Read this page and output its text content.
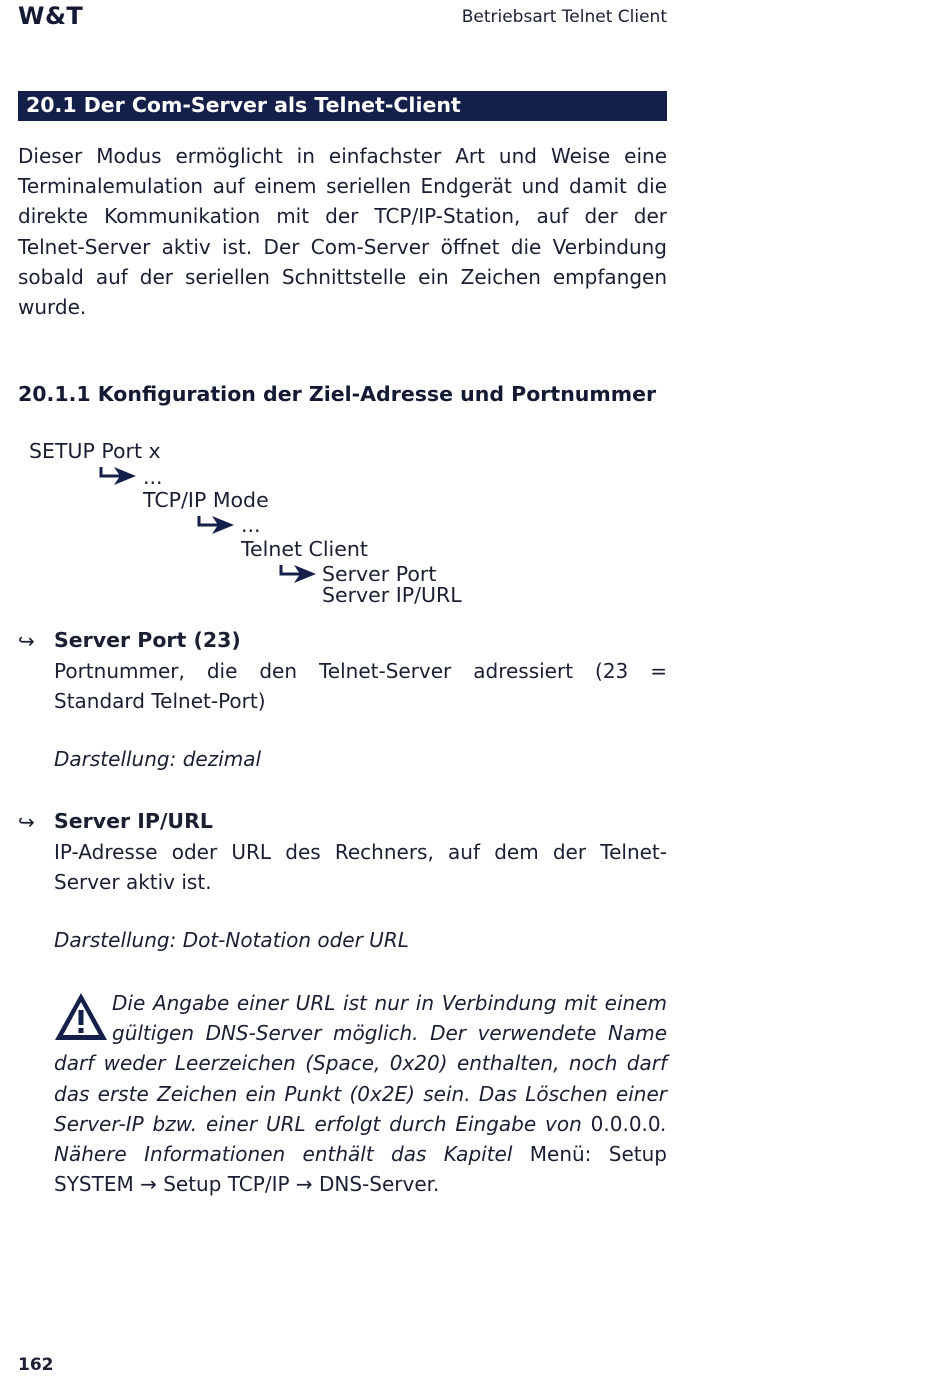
W&T	Betriebsart Telnet Client
20.1 Der Com-Server als Telnet-Client
Dieser Modus ermöglicht in einfachster Art und Weise eine Terminalemulation auf einem seriellen Endgerät und damit die direkte Kommunikation mit der TCP/IP-Station, auf der der Telnet-Server aktiv ist. Der Com-Server öffnet die Verbindung sobald auf der seriellen Schnittstelle ein Zeichen empfangen wurde.
20.1.1 Konfiguration der Ziel-Adresse und Portnummer
SETUP Port x
...
TCP/IP Mode
...
Telnet Client
Server Port
Server IP/URL
↪ Server Port (23)
Portnummer, die den Telnet-Server adressiert (23 = Standard Telnet-Port)
Darstellung: dezimal
↪ Server IP/URL
IP-Adresse oder URL des Rechners, auf dem der Telnet-Server aktiv ist.
Darstellung: Dot-Notation oder URL
Die Angabe einer URL ist nur in Verbindung mit einem gültigen DNS-Server möglich. Der verwendete Name darf weder Leerzeichen (Space, 0x20) enthalten, noch darf das erste Zeichen ein Punkt (0x2E) sein. Das Löschen einer Server-IP bzw. einer URL erfolgt durch Eingabe von 0.0.0.0. Nähere Informationen enthält das Kapitel Menü: Setup SYSTEM → Setup TCP/IP → DNS-Server.
162
